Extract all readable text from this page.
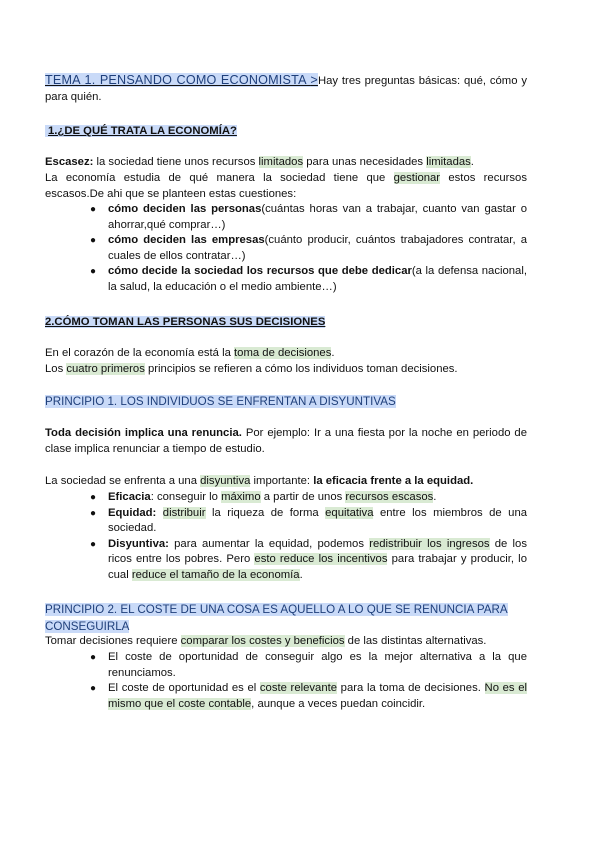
TEMA 1. PENSANDO COMO ECONOMISTA >Hay tres preguntas básicas: qué, cómo y para quién.
1.¿DE QUÉ TRATA LA ECONOMÍA?
Escasez: la sociedad tiene unos recursos limitados para unas necesidades limitadas.
La economía estudia de qué manera la sociedad tiene que gestionar estos recursos escasos.De ahi que se planteen estas cuestiones:
● cómo deciden las personas(cuántas horas van a trabajar, cuanto van gastar o ahorrar,qué comprar…)
● cómo deciden las empresas(cuánto producir, cuántos trabajadores contratar, a cuales de ellos contratar…)
● cómo decide la sociedad los recursos que debe dedicar(a la defensa nacional, la salud, la educación o el medio ambiente…)
2.CÓMO TOMAN LAS PERSONAS SUS DECISIONES
En el corazón de la economía está la toma de decisiones.
Los cuatro primeros principios se refieren a cómo los individuos toman decisiones.
PRINCIPIO 1. LOS INDIVIDUOS SE ENFRENTAN A DISYUNTIVAS
Toda decisión implica una renuncia. Por ejemplo: Ir a una fiesta por la noche en periodo de clase implica renunciar a tiempo de estudio.
La sociedad se enfrenta a una disyuntiva importante: la eficacia frente a la equidad.
● Eficacia: conseguir lo máximo a partir de unos recursos escasos.
● Equidad: distribuir la riqueza de forma equitativa entre los miembros de una sociedad.
● Disyuntiva: para aumentar la equidad, podemos redistribuir los ingresos de los ricos entre los pobres. Pero esto reduce los incentivos para trabajar y producir, lo cual reduce el tamaño de la economía.
PRINCIPIO 2. EL COSTE DE UNA COSA ES AQUELLO A LO QUE SE RENUNCIA PARA CONSEGUIRLA
Tomar decisiones requiere comparar los costes y beneficios de las distintas alternativas.
● El coste de oportunidad de conseguir algo es la mejor alternativa a la que renunciamos.
● El coste de oportunidad es el coste relevante para la toma de decisiones. No es el mismo que el coste contable, aunque a veces puedan coincidir.
